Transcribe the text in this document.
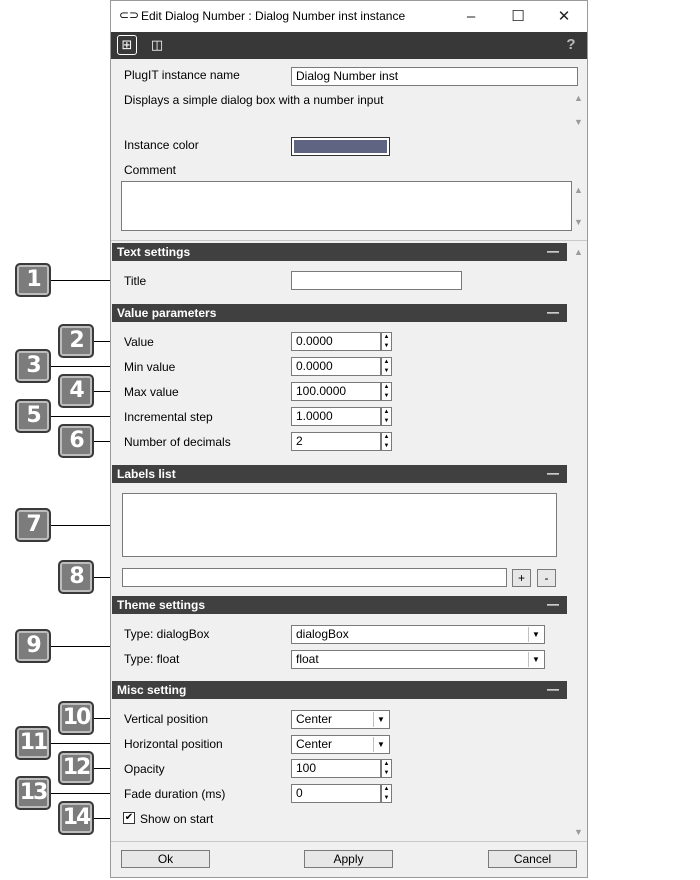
1
2
3
4
5
6
7
8
9
10
11
12
13
14
⊂⊃ Edit Dialog Number : Dialog Number inst instance	–	☐	✕
⊞	◫	?
PlugIT instance name	Dialog Number inst
Displays a simple dialog box with a number input	▲
▼
Instance color
Comment
▲
▼
▲
▼
Text settings	—
Title
Value parameters	—
Value	0.0000	▲
▼
Min value	0.0000	▲
▼
Max value	100.0000	▲
▼
Incremental step	1.0000	▲
▼
Number of decimals	2	▲
▼
Labels list	—
+	-
Theme settings	—
Type: dialogBox	dialogBox	▼
Type: float	float	▼
Misc setting	—
Vertical position	Center	▼
Horizontal position	Center	▼
Opacity	100	▲
▼
Fade duration (ms)	0	▲
▼
✔ Show on start
Ok	Apply	Cancel
